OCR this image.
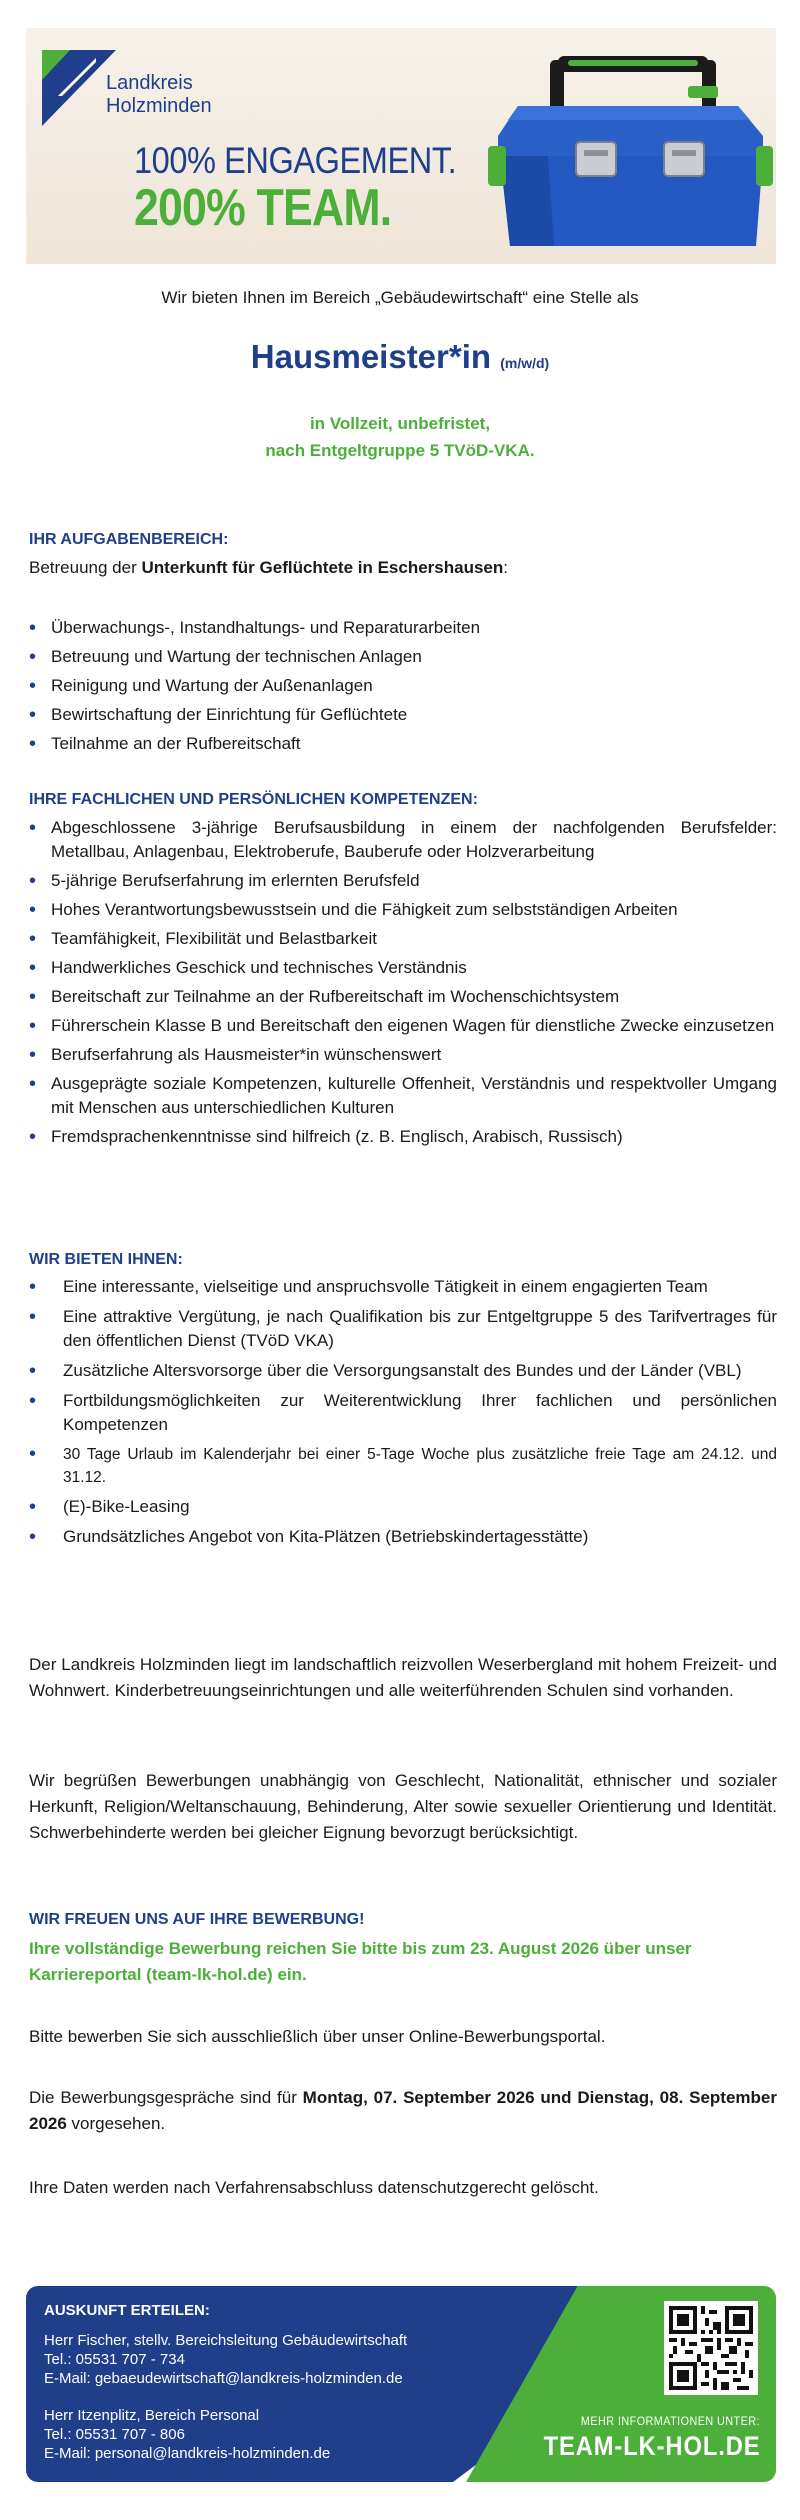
Landkreis
Holzminden
100% ENGAGEMENT.
200% TEAM.
Wir bieten Ihnen im Bereich „Gebäudewirtschaft“ eine Stelle als
Hausmeister*in (m/w/d)
in Vollzeit, unbefristet,
nach Entgeltgruppe 5 TVöD-VKA.
IHR AUFGABENBEREICH:
Betreuung der Unterkunft für Geflüchtete in Eschershausen:
• Überwachungs-, Instandhaltungs- und Reparaturarbeiten
• Betreuung und Wartung der technischen Anlagen
• Reinigung und Wartung der Außenanlagen
• Bewirtschaftung der Einrichtung für Geflüchtete
• Teilnahme an der Rufbereitschaft
IHRE FACHLICHEN UND PERSÖNLICHEN KOMPETENZEN:
• Abgeschlossene 3-jährige Berufsausbildung in einem der nachfolgenden Berufsfelder: Metallbau, Anlagenbau, Elektroberufe, Bauberufe oder Holzverarbeitung
• 5-jährige Berufserfahrung im erlernten Berufsfeld
• Hohes Verantwortungsbewusstsein und die Fähigkeit zum selbstständigen Arbeiten
• Teamfähigkeit, Flexibilität und Belastbarkeit
• Handwerkliches Geschick und technisches Verständnis
• Bereitschaft zur Teilnahme an der Rufbereitschaft im Wochenschichtsystem
• Führerschein Klasse B und Bereitschaft den eigenen Wagen für dienstliche Zwecke einzusetzen
• Berufserfahrung als Hausmeister*in wünschenswert
• Ausgeprägte soziale Kompetenzen, kulturelle Offenheit, Verständnis und respektvoller Umgang mit Menschen aus unterschiedlichen Kulturen
• Fremdsprachenkenntnisse sind hilfreich (z. B. Englisch, Arabisch, Russisch)
WIR BIETEN IHNEN:
• Eine interessante, vielseitige und anspruchsvolle Tätigkeit in einem engagierten Team
• Eine attraktive Vergütung, je nach Qualifikation bis zur Entgeltgruppe 5 des Tarifvertrages für den öffentlichen Dienst (TVöD VKA)
• Zusätzliche Altersvorsorge über die Versorgungsanstalt des Bundes und der Länder (VBL)
• Fortbildungsmöglichkeiten zur Weiterentwicklung Ihrer fachlichen und persönlichen Kompetenzen
• 30 Tage Urlaub im Kalenderjahr bei einer 5-Tage Woche plus zusätzliche freie Tage am 24.12. und 31.12.
• (E)-Bike-Leasing
• Grundsätzliches Angebot von Kita-Plätzen (Betriebskindertagesstätte)
Der Landkreis Holzminden liegt im landschaftlich reizvollen Weserbergland mit hohem Freizeit- und Wohnwert. Kinderbetreuungseinrichtungen und alle weiterführenden Schulen sind vorhanden.
Wir begrüßen Bewerbungen unabhängig von Geschlecht, Nationalität, ethnischer und sozialer Herkunft, Religion/Weltanschauung, Behinderung, Alter sowie sexueller Orientierung und Identität. Schwerbehinderte werden bei gleicher Eignung bevorzugt berücksichtigt.
WIR FREUEN UNS AUF IHRE BEWERBUNG!
Ihre vollständige Bewerbung reichen Sie bitte bis zum 23. August 2026 über unser Karriereportal (team-lk-hol.de) ein.
Bitte bewerben Sie sich ausschließlich über unser Online-Bewerbungsportal.
Die Bewerbungsgespräche sind für Montag, 07. September 2026 und Dienstag, 08. September 2026 vorgesehen.
Ihre Daten werden nach Verfahrensabschluss datenschutzgerecht gelöscht.
AUSKUNFT ERTEILEN:
Herr Fischer, stellv. Bereichsleitung Gebäudewirtschaft
Tel.: 05531 707 - 734
E-Mail: gebaeudewirtschaft@landkreis-holzminden.de
Herr Itzenplitz, Bereich Personal
Tel.: 05531 707 - 806
E-Mail: personal@landkreis-holzminden.de
MEHR INFORMATIONEN UNTER:
TEAM-LK-HOL.DE
